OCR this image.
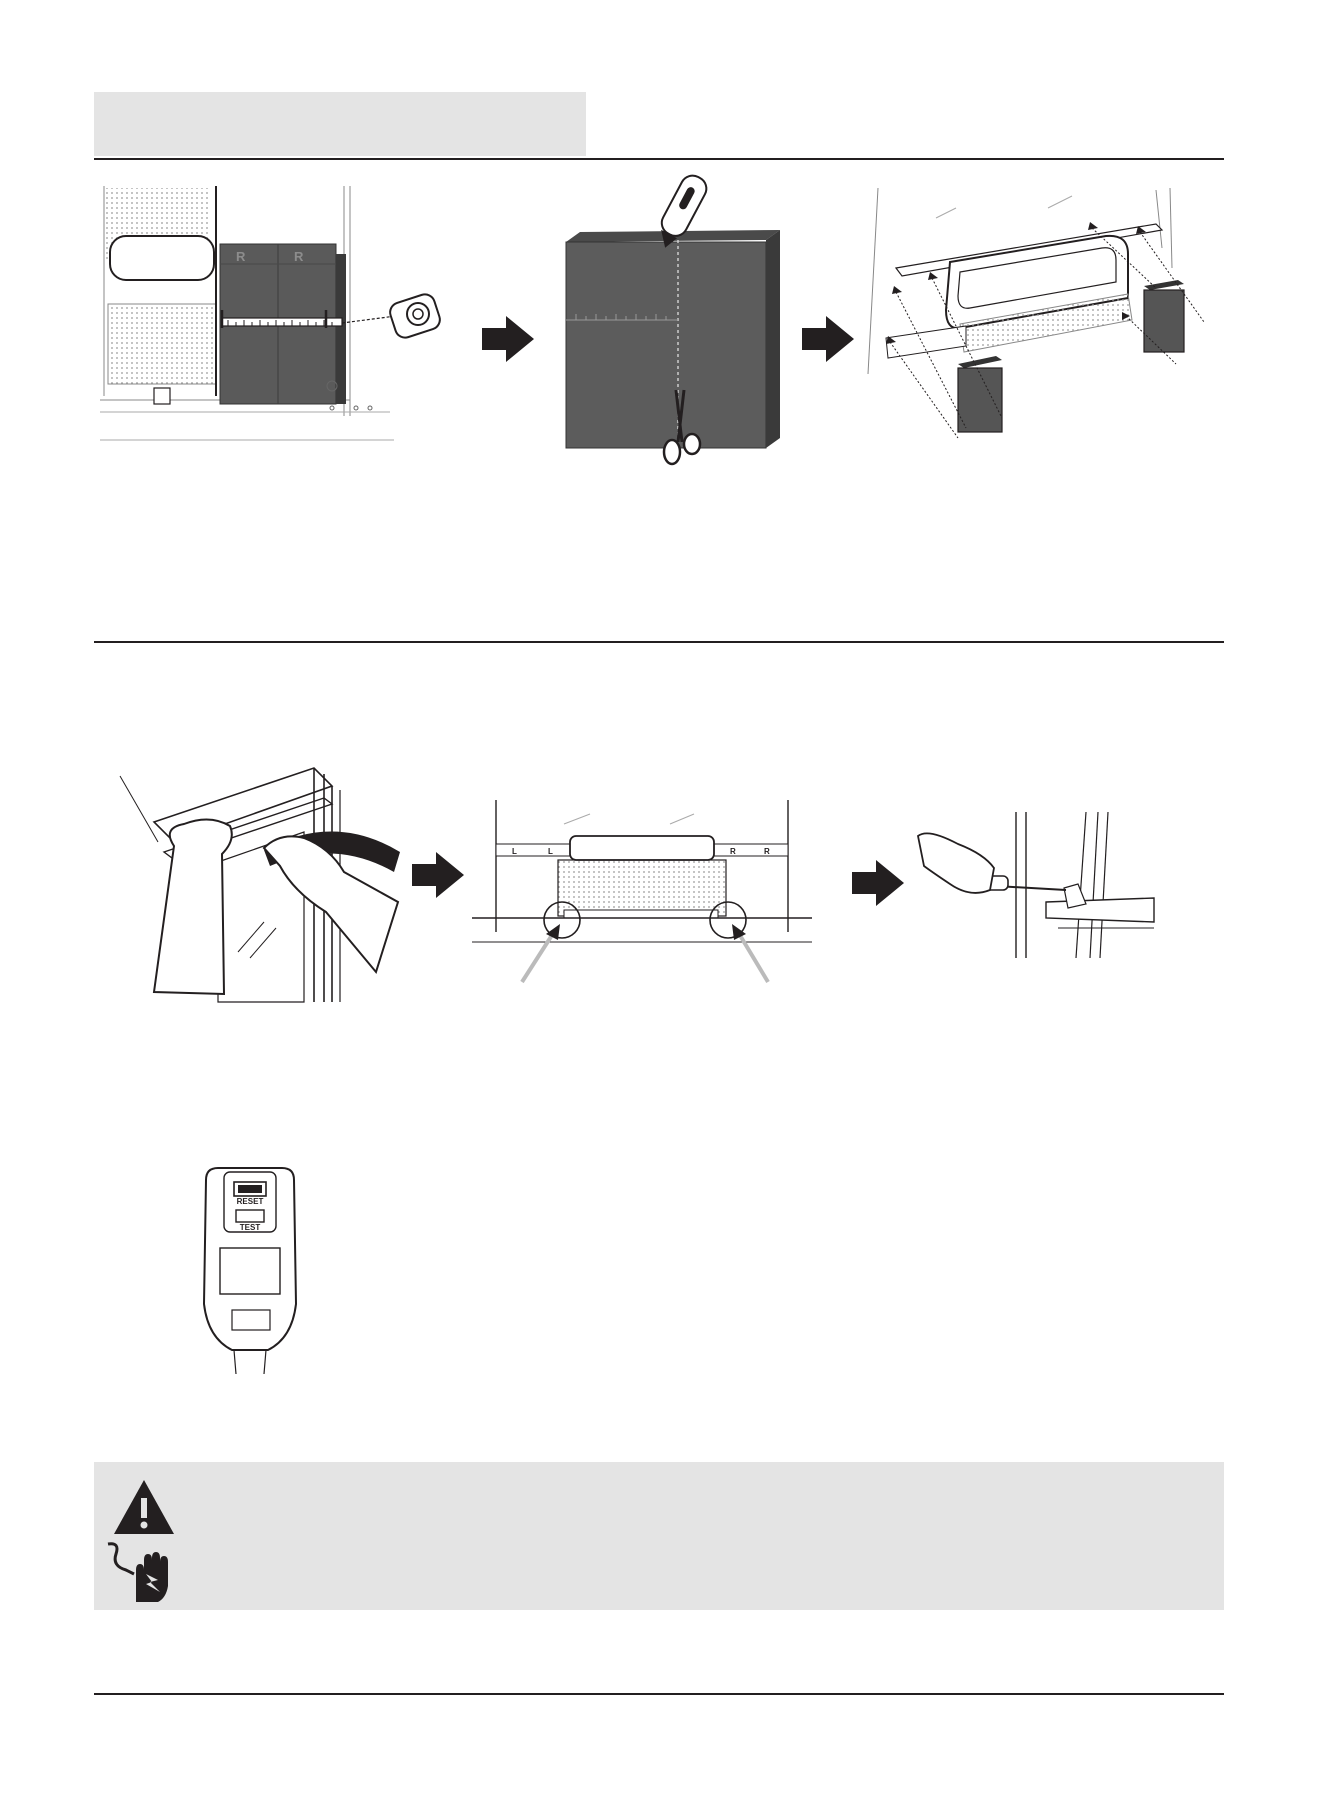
R	R
L	L	R	R
RESET
TEST
